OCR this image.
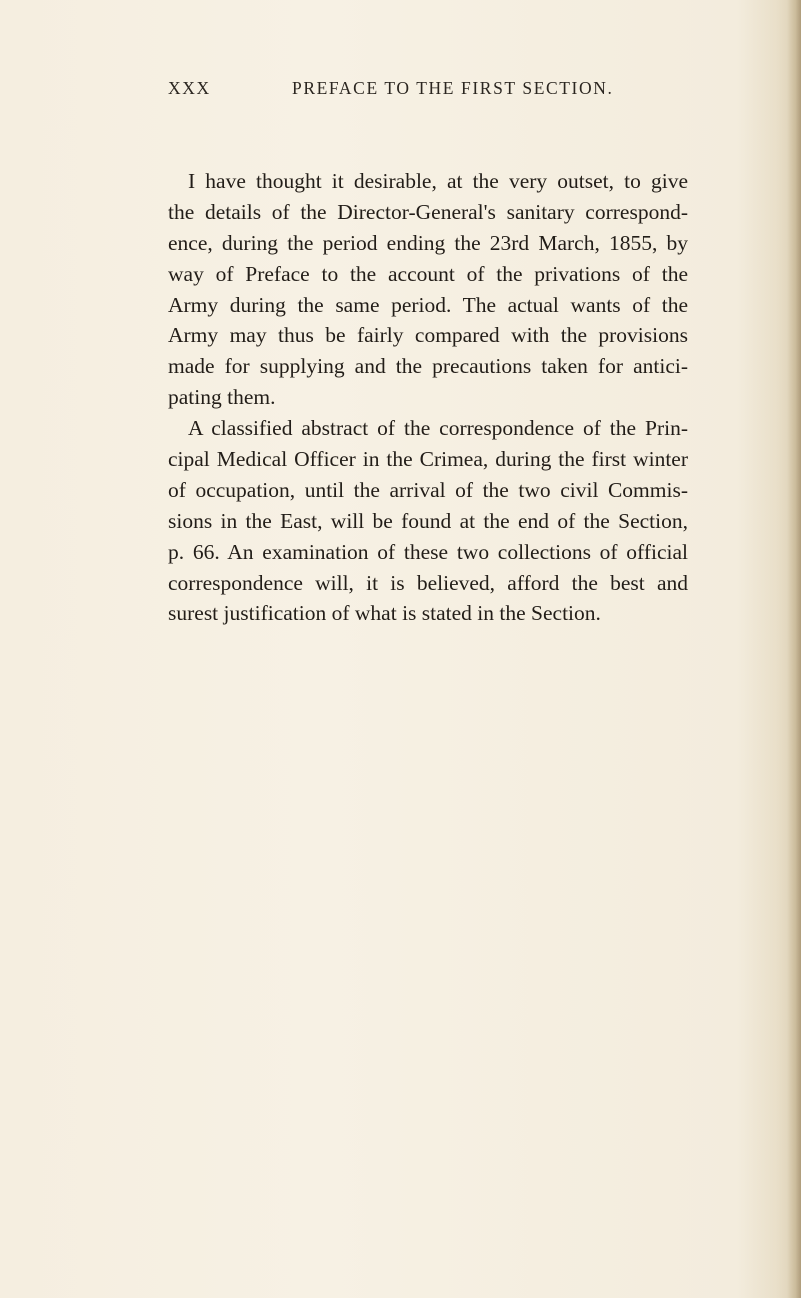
XXX	PREFACE TO THE FIRST SECTION.
I have thought it desirable, at the very outset, to give
the details of the Director-General's sanitary correspond-
ence, during the period ending the 23rd March, 1855, by
way of Preface to the account of the privations of the
Army during the same period. The actual wants of the
Army may thus be fairly compared with the provisions
made for supplying and the precautions taken for antici-
pating them.
A classified abstract of the correspondence of the Prin-
cipal Medical Officer in the Crimea, during the first winter
of occupation, until the arrival of the two civil Commis-
sions in the East, will be found at the end of the Section,
p. 66. An examination of these two collections of official
correspondence will, it is believed, afford the best and
surest justification of what is stated in the Section.
